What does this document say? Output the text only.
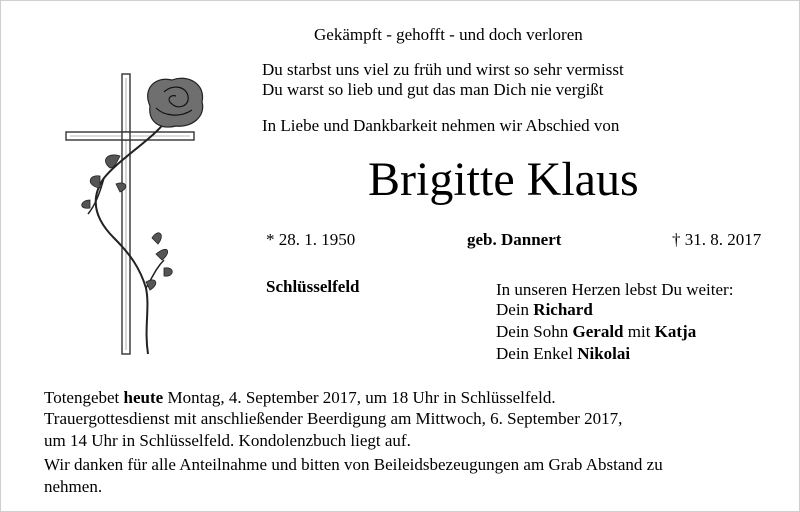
Gekämpft - gehofft - und doch verloren
Du starbst uns viel zu früh und wirst so sehr vermisst
Du warst so lieb und gut das man Dich nie vergißt
In Liebe und Dankbarkeit nehmen wir Abschied von
Brigitte Klaus
* 28. 1. 1950	geb. Dannert	† 31. 8. 2017
Schlüsselfeld	In unseren Herzen lebst Du weiter:
Dein Richard
Dein Sohn Gerald mit Katja
Dein Enkel Nikolai
Totengebet heute Montag, 4. September 2017, um 18 Uhr in Schlüsselfeld.
Trauergottesdienst mit anschließender Beerdigung am Mittwoch, 6. September 2017,
um 14 Uhr in Schlüsselfeld. Kondolenzbuch liegt auf.
Wir danken für alle Anteilnahme und bitten von Beileidsbezeugungen am Grab Abstand zu
nehmen.
